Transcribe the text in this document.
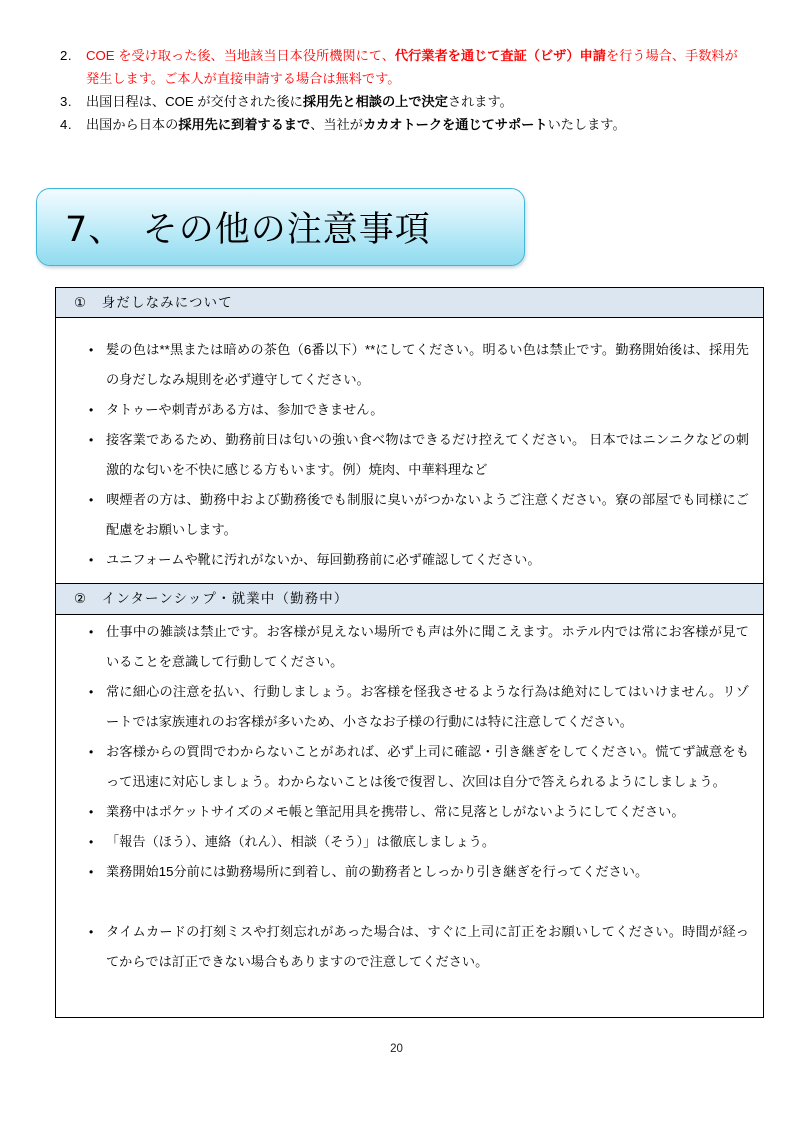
2.	COE を受け取った後、当地該当日本役所機関にて、代行業者を通じて査証（ビザ）申請を行う場合、手数料が発生します。ご本人が直接申請する場合は無料です。
3.	出国日程は、COE が交付された後に採用先と相談の上で決定されます。
4.	出国から日本の採用先に到着するまで、当社がカカオトークを通じてサポートいたします。
7、　その他の注意事項
①　身だしなみについて
• 髪の色は**黒または暗めの茶色（6番以下）**にしてください。明るい色は禁止です。勤務開始後は、採用先の身だしなみ規則を必ず遵守してください。
• タトゥーや刺青がある方は、参加できません。
• 接客業であるため、勤務前日は匂いの強い食べ物はできるだけ控えてください。 日本ではニンニクなどの刺激的な匂いを不快に感じる方もいます。例）焼肉、中華料理など
• 喫煙者の方は、勤務中および勤務後でも制服に臭いがつかないようご注意ください。寮の部屋でも同様にご配慮をお願いします。
• ユニフォームや靴に汚れがないか、毎回勤務前に必ず確認してください。
②　インターンシップ・就業中（勤務中）
• 仕事中の雑談は禁止です。お客様が見えない場所でも声は外に聞こえます。ホテル内では常にお客様が見ていることを意識して行動してください。
• 常に細心の注意を払い、行動しましょう。お客様を怪我させるような行為は絶対にしてはいけません。リゾートでは家族連れのお客様が多いため、小さなお子様の行動には特に注意してください。
• お客様からの質問でわからないことがあれば、必ず上司に確認・引き継ぎをしてください。慌てず誠意をもって迅速に対応しましょう。わからないことは後で復習し、次回は自分で答えられるようにしましょう。
• 業務中はポケットサイズのメモ帳と筆記用具を携帯し、常に見落としがないようにしてください。
• 「報告（ほう）、連絡（れん）、相談（そう）」は徹底しましょう。
• 業務開始15分前には勤務場所に到着し、前の勤務者としっかり引き継ぎを行ってください。
• タイムカードの打刻ミスや打刻忘れがあった場合は、すぐに上司に訂正をお願いしてください。時間が経ってからでは訂正できない場合もありますので注意してください。
20
